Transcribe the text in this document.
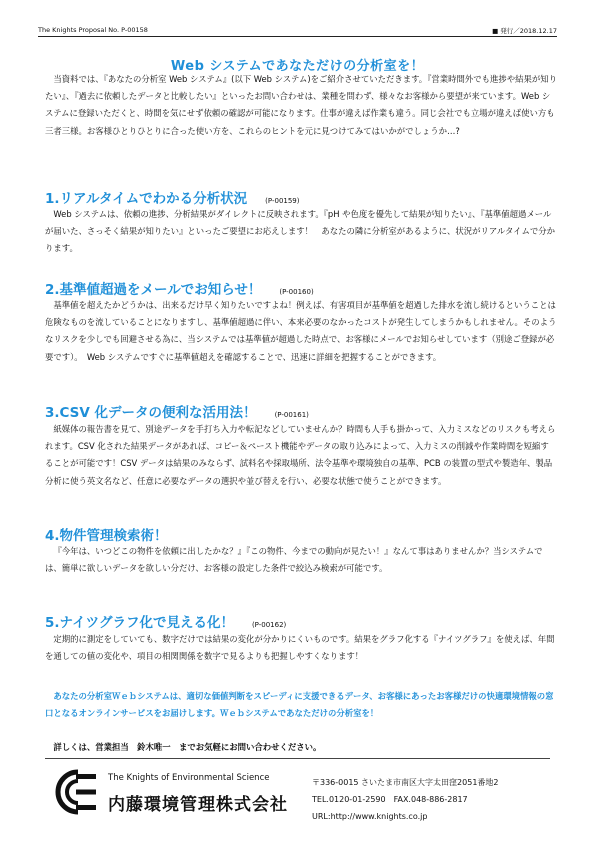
The Knights Proposal No. P-00158	■ 発行／2018.12.17
Web システムであなただけの分析室を！
当資料では、『あなたの分析室 Web システム』(以下 Web システム)をご紹介させていただきます。『営業時間外でも進捗や結果が知りたい』、『過去に依頼したデータと比較したい』といったお問い合わせは、業種を問わず、様々なお客様から要望が来ています。Web システムに登録いただくと、時間を気にせず依頼の確認が可能になります。仕事が違えば作業も違う。同じ会社でも立場が違えば使い方も三者三様。お客様ひとりひとりに合った使い方を、これらのヒントを元に見つけてみてはいかがでしょうか…?
1.リアルタイムでわかる分析状況	(P-00159)
Web システムは、依頼の進捗、分析結果がダイレクトに反映されます。『pH や色度を優先して結果が知りたい』、『基準値超過メールが届いた、さっそく結果が知りたい』といったご要望にお応えします！　あなたの隣に分析室があるように、状況がリアルタイムで分かります。
2.基準値超過をメールでお知らせ！	(P-00160)
基準値を超えたかどうかは、出来るだけ早く知りたいですよね！例えば、有害項目が基準値を超過した排水を流し続けるということは危険なものを流していることになりますし、基準値超過に伴い、本来必要のなかったコストが発生してしまうかもしれません。そのようなリスクを少しでも回避させる為に、当システムでは基準値が超過した時点で、お客様にメールでお知らせしています（別途ご登録が必要です）。　Web システムですぐに基準値超えを確認することで、迅速に詳細を把握することができます。
3.CSV 化データの便利な活用法！	(P-00161)
紙媒体の報告書を見て、別途データを手打ち入力や転記などしていませんか？時間も人手も掛かって、入力ミスなどのリスクも考えられます。CSV 化された結果データがあれば、コピー＆ペースト機能やデータの取り込みによって、入力ミスの削減や作業時間を短縮することが可能です！CSV データは結果のみならず、試料名や採取場所、法令基準や環境独自の基準、PCB の装置の型式や製造年、製品分析に使う英文名など、任意に必要なデータの選択や並び替えを行い、必要な状態で使うことができます。
4.物件管理検索術！
『今年は、いつどこの物件を依頼に出したかな？』『この物件、今までの動向が見たい！』なんて事はありませんか？当システムでは、簡単に欲しいデータを欲しい分だけ、お客様の設定した条件で絞込み検索が可能です。
5.ナイツグラフ化で見える化！	(P-00162)
定期的に測定をしていても、数字だけでは結果の変化が分かりにくいものです。結果をグラフ化する『ナイツグラフ』を使えば、年間を通しての値の変化や、項目の相関関係を数字で見るよりも把握しやすくなります！
あなたの分析室Ｗｅｂシステムは、適切な価値判断をスピーディに支援できるデータ、お客様にあったお客様だけの快適環境情報の窓口となるオンラインサービスをお届けします。Ｗｅｂシステムであなただけの分析室を！
詳しくは、営業担当　鈴木唯一　までお気軽にお問い合わせください。
The Knights of Environmental Science
内藤環境管理株式会社
〒336-0015 さいたま市南区大字太田窪2051番地2
TEL.0120-01-2590　FAX.048-886-2817
URL:http://www.knights.co.jp
